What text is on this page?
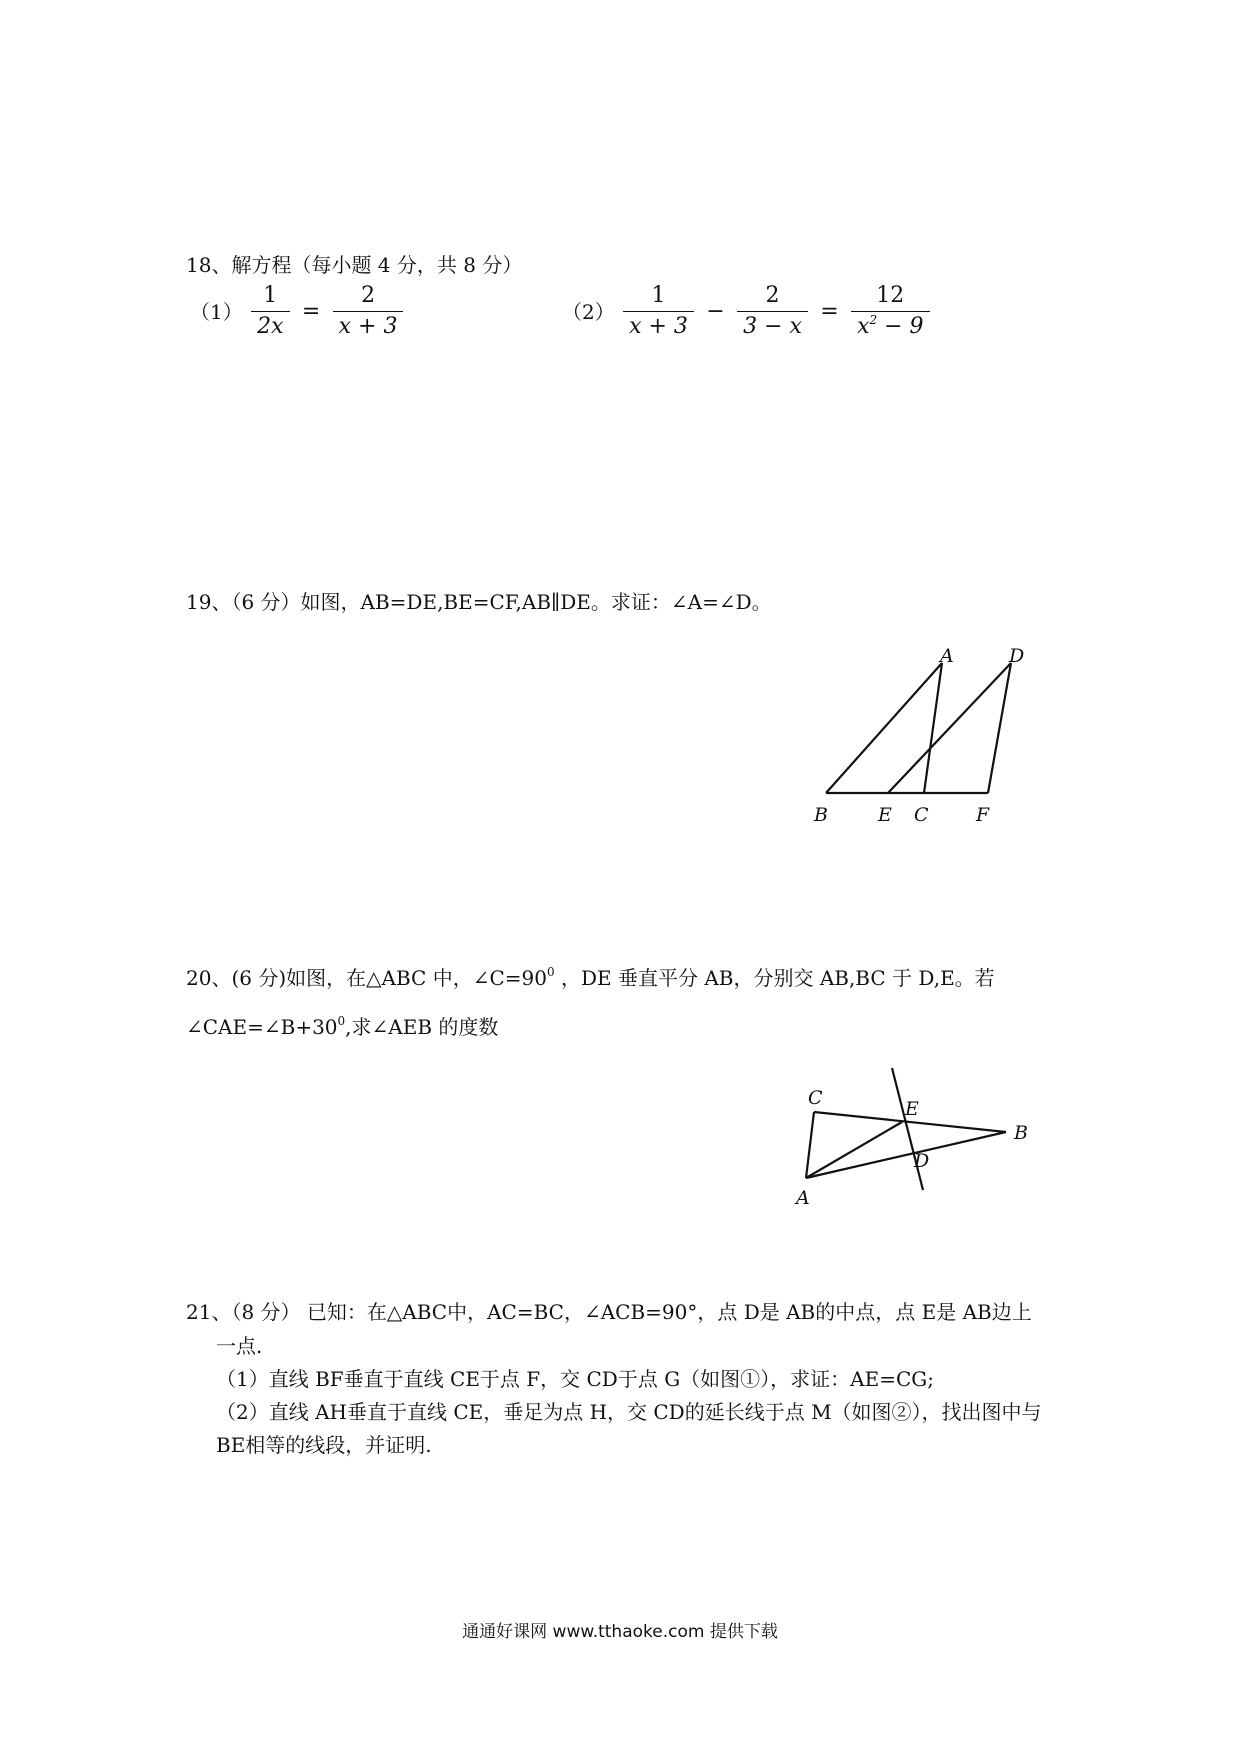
18、解方程（每小题 4 分，共 8 分）
$(1) \frac{1}{2x} = \frac{2}{x + 3}$	$(2) \frac{1}{x + 3} - \frac{2}{3 - x} = \frac{12}{x^2 - 9}$
19、（6 分）如图，AB=DE,BE=CF,AB∥DE。求证：∠A=∠D。
A	D
B	E C F
20、(6 分)如图，在△ABC 中，$\angle C=90^0$ ，DE 垂直平分 AB，分别交 AB,BC 于 D,E。若
$\angle CAE=\angle B+30^0$,求∠AEB 的度数
C	E
B
D
A
21、（8 分） 已知：在△ABC中，AC=BC，∠ACB=90°，点 D是 AB的中点，点 E是 AB边上
一点.
（1）直线 BF垂直于直线 CE于点 F，交 CD于点 G（如图①），求证：AE=CG;
（2）直线 AH垂直于直线 CE，垂足为点 H，交 CD的延长线于点 M（如图②），找出图中与
BE相等的线段，并证明.
通通好课网 www.tthaoke.com 提供下载
